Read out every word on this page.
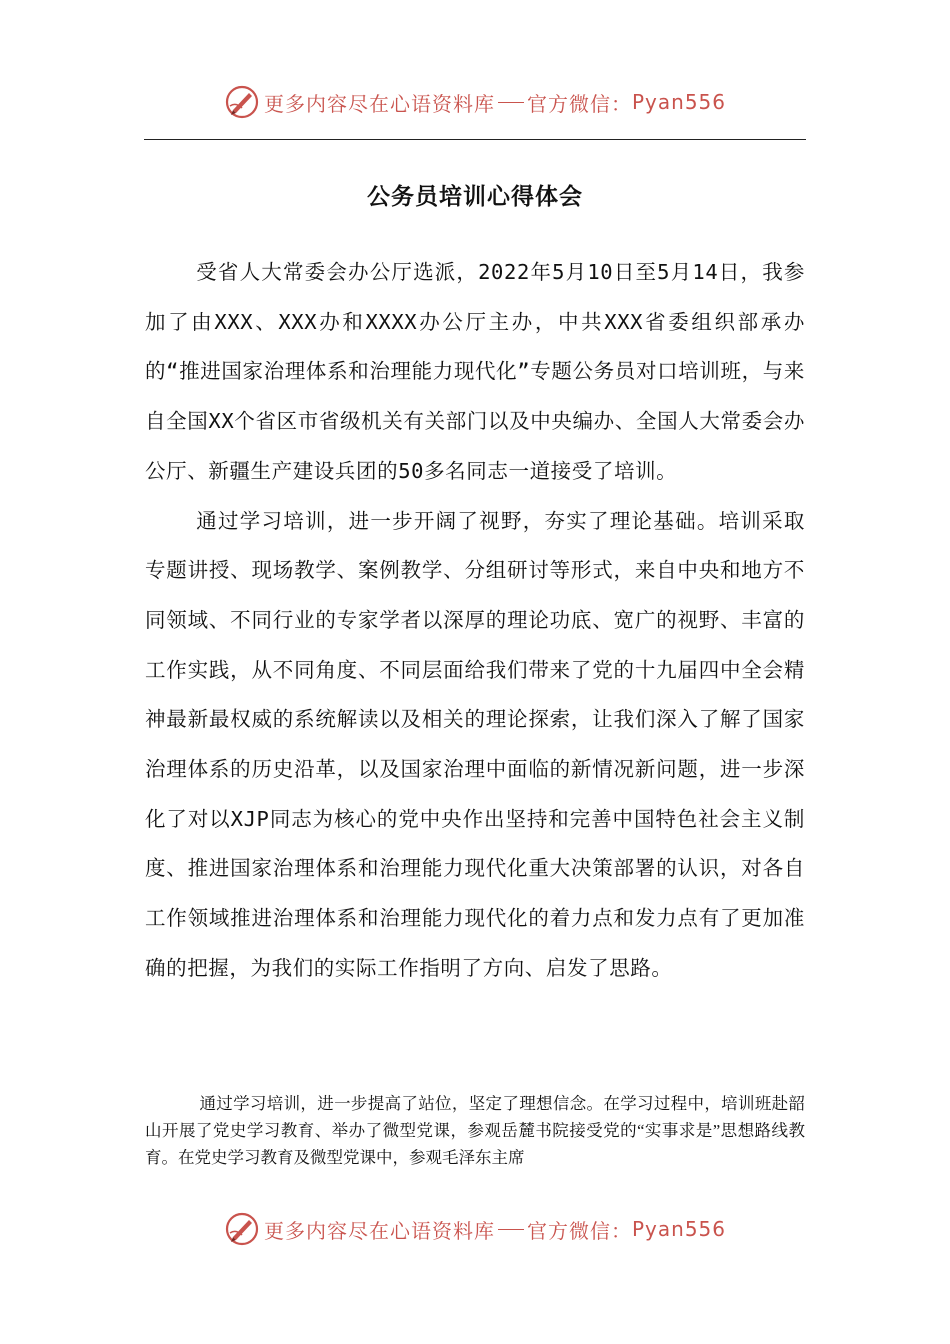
更多内容尽在心语资料库 官方微信： Pyan556
公务员培训心得体会

受省人大常委会办公厅选派，2022年5月10日至5月14日，我参加了由XXX、XXX办和XXXX办公厅主办，中共XXX省委组织部承办的“推进国家治理体系和治理能力现代化”专题公务员对口培训班，与来自全国XX个省区市省级机关有关部门以及中央编办、全国人大常委会办公厅、新疆生产建设兵团的50多名同志一道接受了培训。

通过学习培训，进一步开阔了视野，夯实了理论基础。培训采取专题讲授、现场教学、案例教学、分组研讨等形式，来自中央和地方不同领域、不同行业的专家学者以深厚的理论功底、宽广的视野、丰富的工作实践，从不同角度、不同层面给我们带来了党的十九届四中全会精神最新最权威的系统解读以及相关的理论探索，让我们深入了解了国家治理体系的历史沿革，以及国家治理中面临的新情况新问题，进一步深化了对以XJP同志为核心的党中央作出坚持和完善中国特色社会主义制度、推进国家治理体系和治理能力现代化重大决策部署的认识，对各自工作领域推进治理体系和治理能力现代化的着力点和发力点有了更加准确的把握，为我们的实际工作指明了方向、启发了思路。

通过学习培训，进一步提高了站位，坚定了理想信念。在学习过程中，培训班赴韶山开展了党史学习教育、举办了微型党课，参观岳麓书院接受党的“实事求是”思想路线教育。在党史学习教育及微型党课中，参观毛泽东主席

更多内容尽在心语资料库 官方微信： Pyan556
